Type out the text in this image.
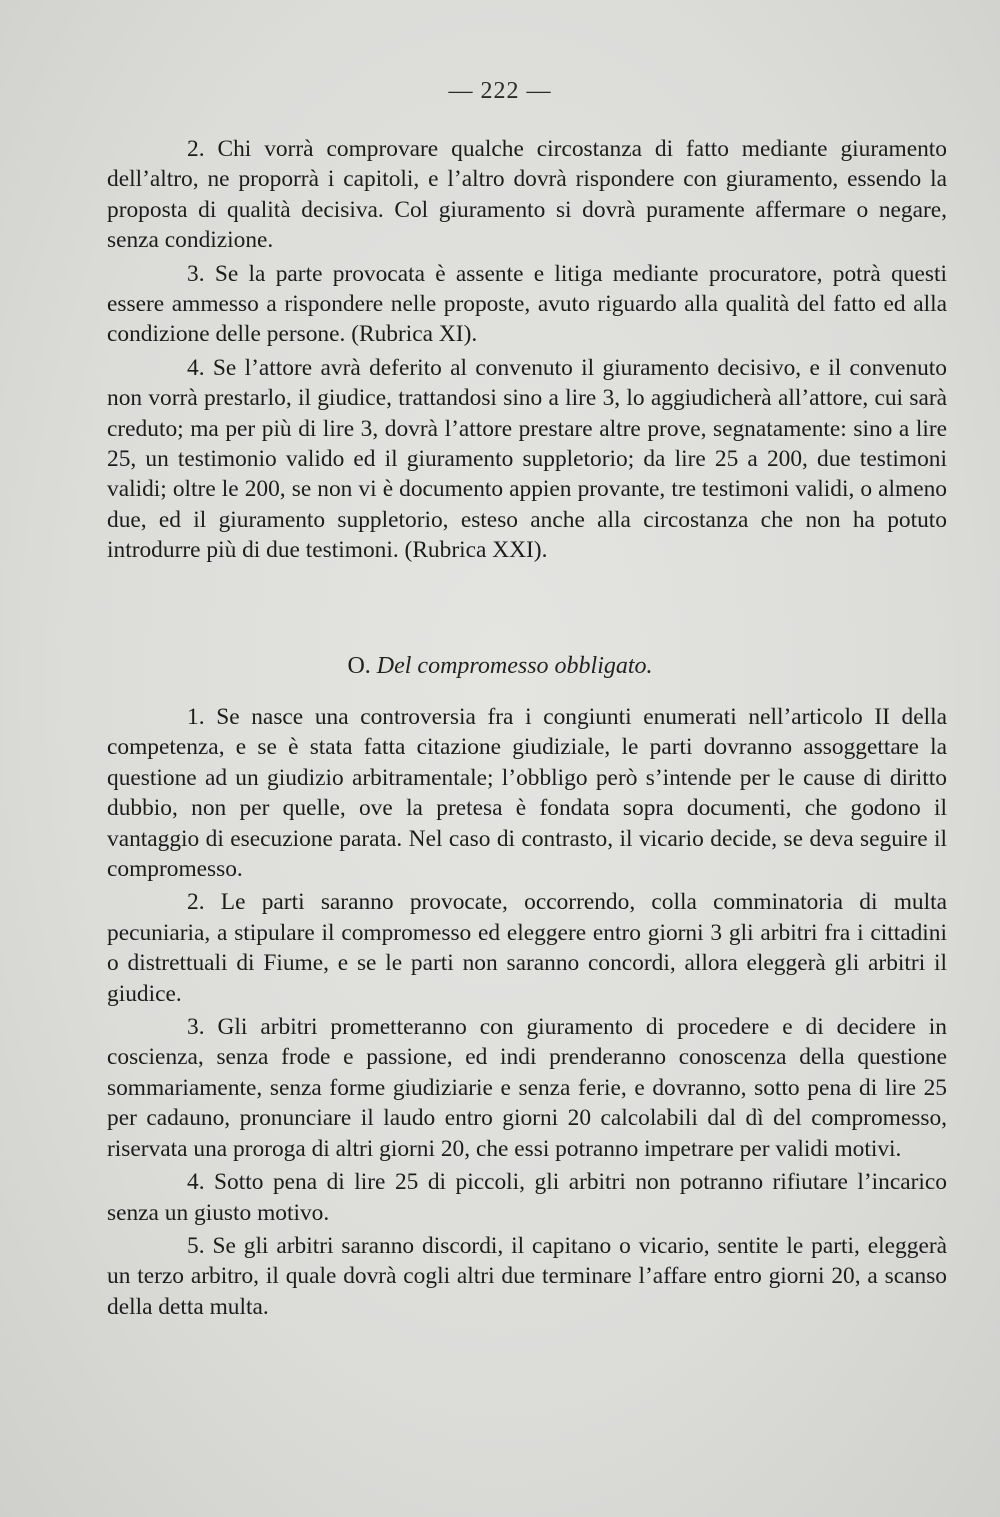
— 222 —

2. Chi vorrà comprovare qualche circostanza di fatto mediante giuramento dell’altro, ne proporrà i capitoli, e l’altro dovrà rispondere con giuramento, essendo la proposta di qualità decisiva. Col giuramento si dovrà puramente affermare o negare, senza condizione.

3. Se la parte provocata è assente e litiga mediante procuratore, potrà questi essere ammesso a rispondere nelle proposte, avuto riguardo alla qualità del fatto ed alla condizione delle persone. (Rubrica XI).

4. Se l’attore avrà deferito al convenuto il giuramento decisivo, e il convenuto non vorrà prestarlo, il giudice, trattandosi sino a lire 3, lo aggiudicherà all’attore, cui sarà creduto; ma per più di lire 3, dovrà l’attore prestare altre prove, segnatamente: sino a lire 25, un testimonio valido ed il giuramento suppletorio; da lire 25 a 200, due testimoni validi; oltre le 200, se non vi è documento appien provante, tre testimoni validi, o almeno due, ed il giuramento suppletorio, esteso anche alla circostanza che non ha potuto introdurre più di due testimoni. (Rubrica XXI).

O. Del compromesso obbligato.

1. Se nasce una controversia fra i congiunti enumerati nell’articolo II della competenza, e se è stata fatta citazione giudiziale, le parti dovranno assoggettare la questione ad un giudizio arbitramentale; l’obbligo però s’intende per le cause di diritto dubbio, non per quelle, ove la pretesa è fondata sopra documenti, che godono il vantaggio di esecuzione parata. Nel caso di contrasto, il vicario decide, se deva seguire il compromesso.

2. Le parti saranno provocate, occorrendo, colla comminatoria di multa pecuniaria, a stipulare il compromesso ed eleggere entro giorni 3 gli arbitri fra i cittadini o distrettuali di Fiume, e se le parti non saranno concordi, allora eleggerà gli arbitri il giudice.

3. Gli arbitri prometteranno con giuramento di procedere e di decidere in coscienza, senza frode e passione, ed indi prenderanno conoscenza della questione sommariamente, senza forme giudiziarie e senza ferie, e dovranno, sotto pena di lire 25 per cadauno, pronunciare il laudo entro giorni 20 calcolabili dal dì del compromesso, riservata una proroga di altri giorni 20, che essi potranno impetrare per validi motivi.

4. Sotto pena di lire 25 di piccoli, gli arbitri non potranno rifiutare l’incarico senza un giusto motivo.

5. Se gli arbitri saranno discordi, il capitano o vicario, sentite le parti, eleggerà un terzo arbitro, il quale dovrà cogli altri due terminare l’affare entro giorni 20, a scanso della detta multa.
